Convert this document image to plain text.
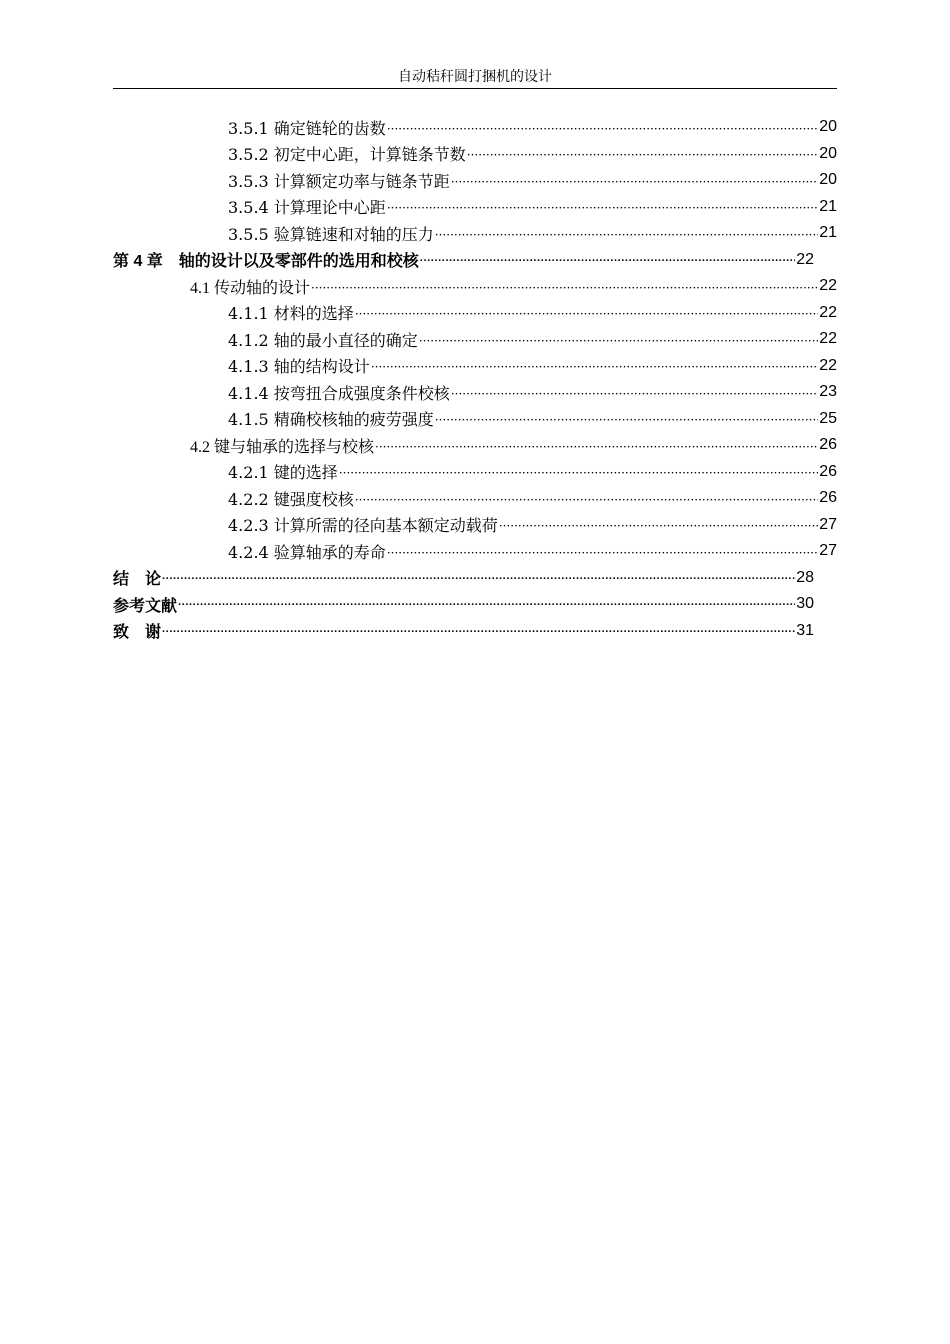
自动秸秆圆打捆机的设计
3.5.1 确定链轮的齿数 ·····	20
3.5.2 初定中心距，计算链条节数 ·····	20
3.5.3 计算额定功率与链条节距 ·····	20
3.5.4 计算理论中心距 ·····	21
3.5.5 验算链速和对轴的压力 ·····	21
第 4 章　轴的设计以及零部件的选用和校核 ·····	22
4.1 传动轴的设计 ·····	22
4.1.1 材料的选择 ·····	22
4.1.2 轴的最小直径的确定 ·····	22
4.1.3 轴的结构设计 ·····	22
4.1.4 按弯扭合成强度条件校核 ·····	23
4.1.5 精确校核轴的疲劳强度 ·····	25
4.2 键与轴承的选择与校核 ·····	26
4.2.1 键的选择 ·····	26
4.2.2 键强度校核 ·····	26
4.2.3 计算所需的径向基本额定动载荷 ·····	27
4.2.4 验算轴承的寿命 ·····	27
结　论 ·····	28
参考文献 ·····	30
致　谢 ·····	31
